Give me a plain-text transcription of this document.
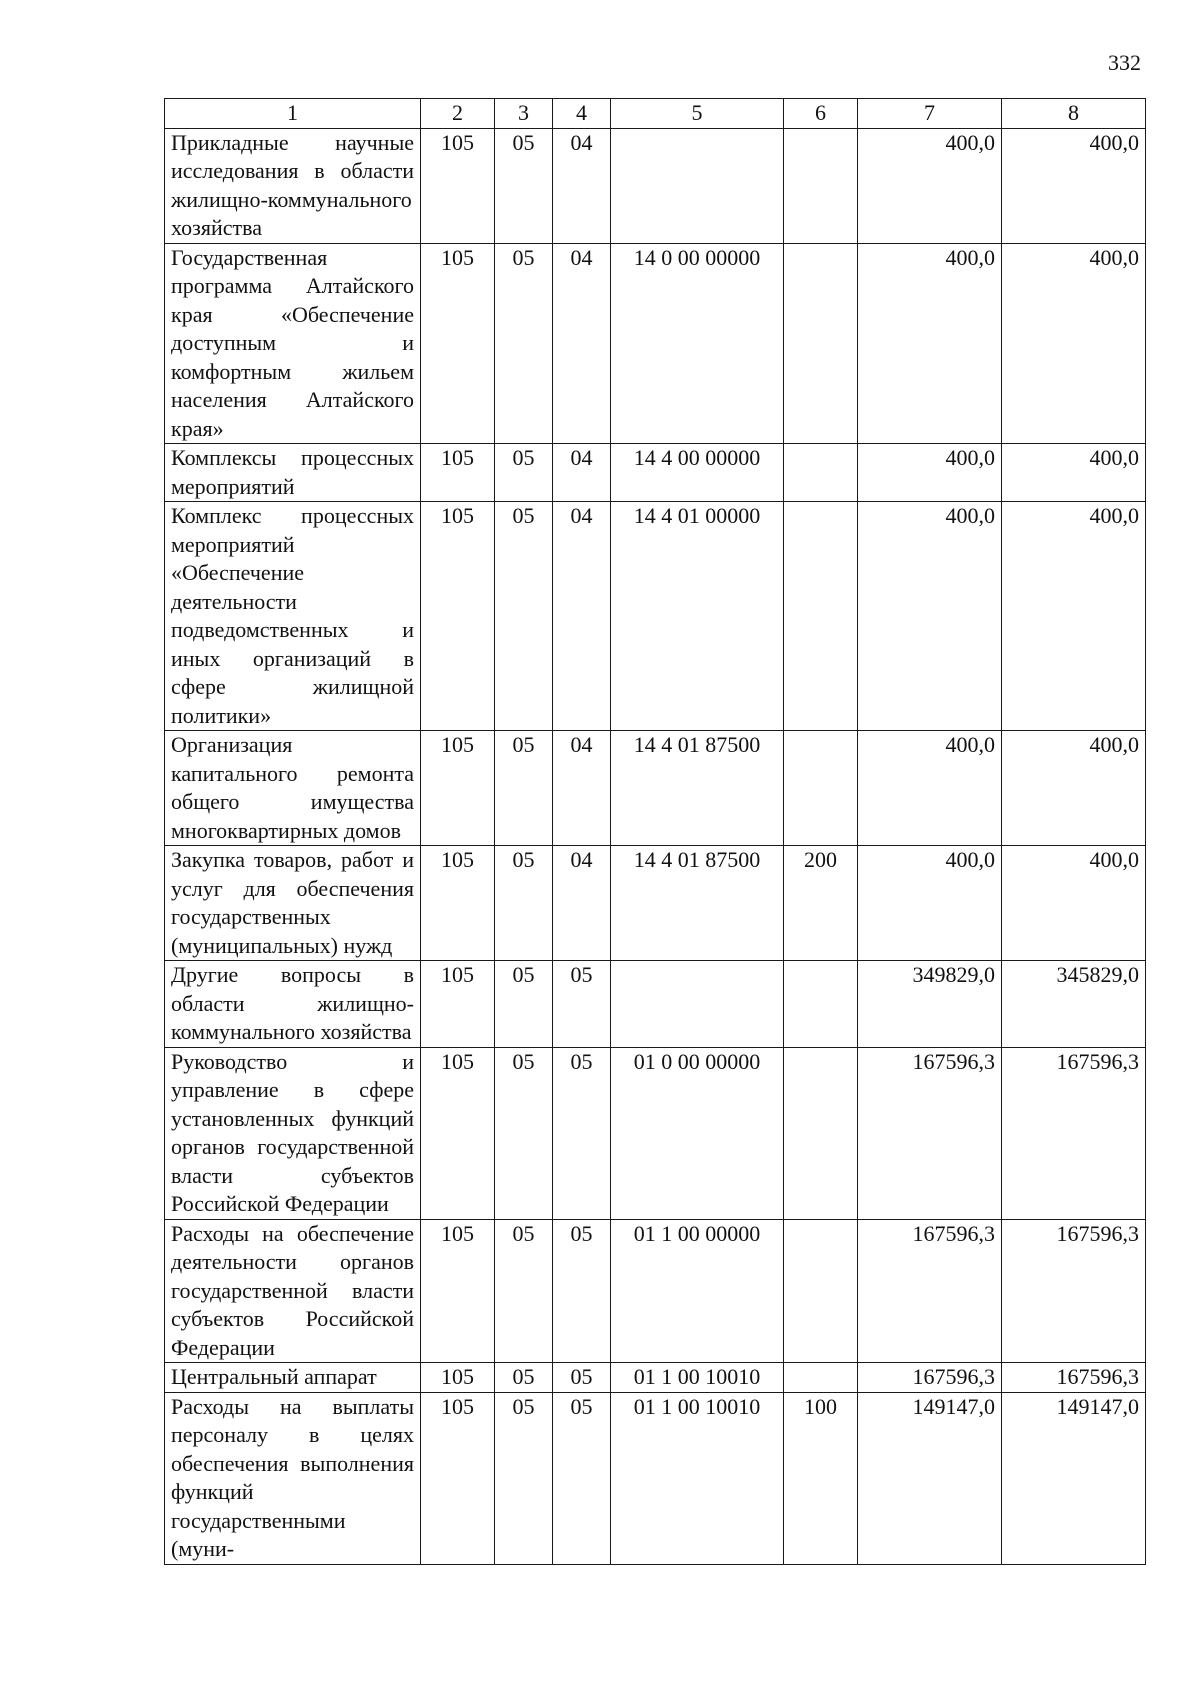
332
1	2	3	4	5	6	7	8
Прикладные научные исследования в области жилищно-коммунального хозяйства	105	05	04			400,0	400,0
Государственная программа Алтайского края «Обеспечение доступным и комфортным жильем населения Алтайского края»	105	05	04	14 0 00 00000		400,0	400,0
Комплексы процессных мероприятий	105	05	04	14 4 00 00000		400,0	400,0
Комплекс процессных мероприятий «Обеспечение деятельности подведомственных и иных организаций в сфере жилищной политики»	105	05	04	14 4 01 00000		400,0	400,0
Организация капитального ремонта общего имущества многоквартирных домов	105	05	04	14 4 01 87500		400,0	400,0
Закупка товаров, работ и услуг для обеспечения государственных (муниципальных) нужд	105	05	04	14 4 01 87500	200	400,0	400,0
Другие вопросы в области жилищно-коммунального хозяйства	105	05	05			349829,0	345829,0
Руководство и управление в сфере установленных функций органов государственной власти субъектов Российской Федерации	105	05	05	01 0 00 00000		167596,3	167596,3
Расходы на обеспечение деятельности органов государственной власти субъектов Российской Федерации	105	05	05	01 1 00 00000		167596,3	167596,3
Центральный аппарат	105	05	05	01 1 00 10010		167596,3	167596,3
Расходы на выплаты персоналу в целях обеспечения выполнения функций государственными (муни-	105	05	05	01 1 00 10010	100	149147,0	149147,0
